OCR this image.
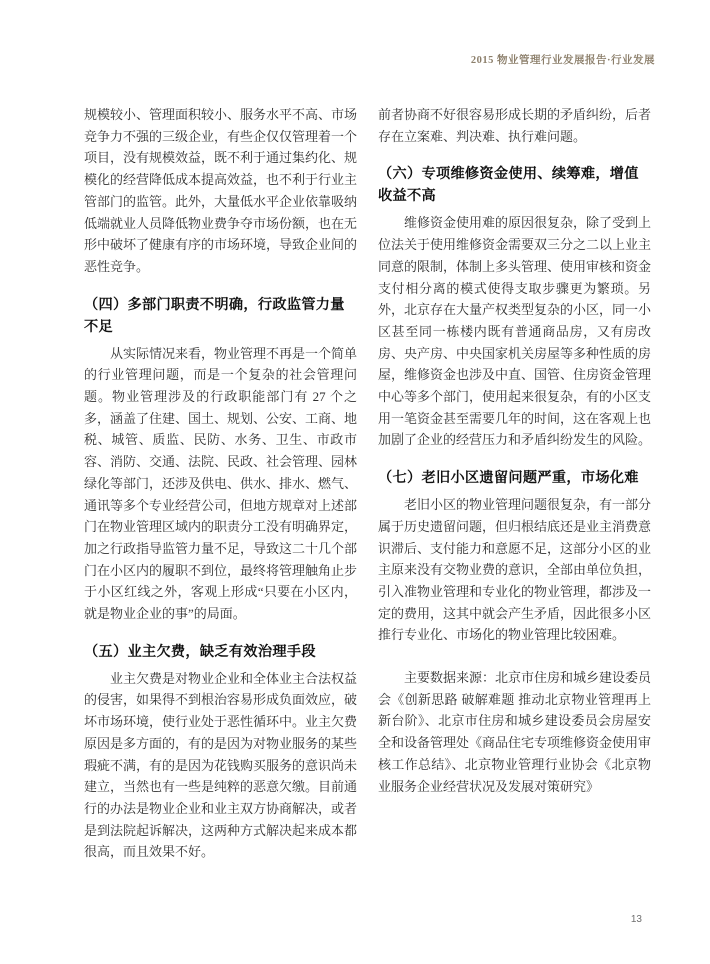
2015 物业管理行业发展报告·行业发展
规模较小、管理面积较小、服务水平不高、市场竞争力不强的三级企业，有些企仅仅管理着一个项目，没有规模效益，既不利于通过集约化、规模化的经营降低成本提高效益，也不利于行业主管部门的监管。此外，大量低水平企业依靠吸纳低端就业人员降低物业费争夺市场份额，也在无形中破坏了健康有序的市场环境，导致企业间的恶性竞争。
（四）多部门职责不明确，行政监管力量不足
从实际情况来看，物业管理不再是一个简单的行业管理问题，而是一个复杂的社会管理问题。物业管理涉及的行政职能部门有 27 个之多，涵盖了住建、国土、规划、公安、工商、地税、城管、质监、民防、水务、卫生、市政市容、消防、交通、法院、民政、社会管理、园林绿化等部门，还涉及供电、供水、排水、燃气、通讯等多个专业经营公司，但地方规章对上述部门在物业管理区域内的职责分工没有明确界定，加之行政指导监管力量不足，导致这二十几个部门在小区内的履职不到位，最终将管理触角止步于小区红线之外，客观上形成“只要在小区内，就是物业企业的事”的局面。
（五）业主欠费，缺乏有效治理手段
业主欠费是对物业企业和全体业主合法权益的侵害，如果得不到根治容易形成负面效应，破坏市场环境，使行业处于恶性循环中。业主欠费原因是多方面的，有的是因为对物业服务的某些瑕疵不满，有的是因为花钱购买服务的意识尚未建立，当然也有一些是纯粹的恶意欠缴。目前通行的办法是物业企业和业主双方协商解决，或者是到法院起诉解决，这两种方式解决起来成本都很高，而且效果不好。
前者协商不好很容易形成长期的矛盾纠纷，后者存在立案难、判决难、执行难问题。
（六）专项维修资金使用、续筹难，增值收益不高
维修资金使用难的原因很复杂，除了受到上位法关于使用维修资金需要双三分之二以上业主同意的限制，体制上多头管理、使用审核和资金支付相分离的模式使得支取步骤更为繁琐。另外，北京存在大量产权类型复杂的小区，同一小区甚至同一栋楼内既有普通商品房，又有房改房、央产房、中央国家机关房屋等多种性质的房屋，维修资金也涉及中直、国管、住房资金管理中心等多个部门，使用起来很复杂，有的小区支用一笔资金甚至需要几年的时间，这在客观上也加剧了企业的经营压力和矛盾纠纷发生的风险。
（七）老旧小区遗留问题严重，市场化难
老旧小区的物业管理问题很复杂，有一部分属于历史遗留问题，但归根结底还是业主消费意识滞后、支付能力和意愿不足，这部分小区的业主原来没有交物业费的意识，全部由单位负担，引入准物业管理和专业化的物业管理，都涉及一定的费用，这其中就会产生矛盾，因此很多小区推行专业化、市场化的物业管理比较困难。
主要数据来源：北京市住房和城乡建设委员会《创新思路 破解难题 推动北京物业管理再上新台阶》、北京市住房和城乡建设委员会房屋安全和设备管理处《商品住宅专项维修资金使用审核工作总结》、北京物业管理行业协会《北京物业服务企业经营状况及发展对策研究》
13
